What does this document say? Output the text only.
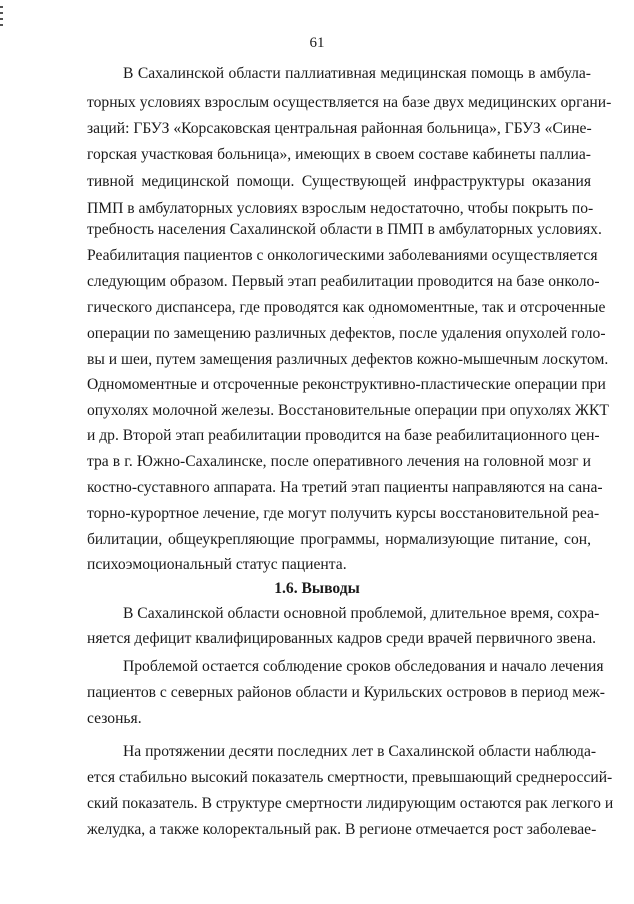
61
В Сахалинской области паллиативная медицинская помощь в амбула-
торных условиях взрослым осуществляется на базе двух медицинских органи-
заций: ГБУЗ «Корсаковская центральная районная больница», ГБУЗ «Сине-
горская участковая больница», имеющих в своем составе кабинеты паллиа-
тивной медицинской помощи. Существующей инфраструктуры оказания
ПМП в амбулаторных условиях взрослым недостаточно, чтобы покрыть по-
требность населения Сахалинской области в ПМП в амбулаторных условиях.
Реабилитация пациентов с онкологическими заболеваниями осуществляется
следующим образом. Первый этап реабилитации проводится на базе онколо-
гического диспансера, где проводятся как одномоментные, так и отсроченные
операции по замещению различных дефектов, после удаления опухолей голо-
вы и шеи, путем замещения различных дефектов кожно-мышечным лоскутом.
Одномоментные и отсроченные реконструктивно-пластические операции при
опухолях молочной железы. Восстановительные операции при опухолях ЖКТ
и др. Второй этап реабилитации проводится на базе реабилитационного цен-
тра в г. Южно-Сахалинске, после оперативного лечения на головной мозг и
костно-суставного аппарата. На третий этап пациенты направляются на сана-
торно-курортное лечение, где могут получить курсы восстановительной реа-
билитации, общеукрепляющие программы, нормализующие питание, сон,
психоэмоциональный статус пациента.
1.6. Выводы
В Сахалинской области основной проблемой, длительное время, сохра-
няется дефицит квалифицированных кадров среди врачей первичного звена.
Проблемой остается соблюдение сроков обследования и начало лечения
пациентов с северных районов области и Курильских островов в период меж-
сезонья.
На протяжении десяти последних лет в Сахалинской области наблюда-
ется стабильно высокий показатель смертности, превышающий среднероссий-
ский показатель. В структуре смертности лидирующим остаются рак легкого и
желудка, а также колоректальный рак. В регионе отмечается рост заболевае-
